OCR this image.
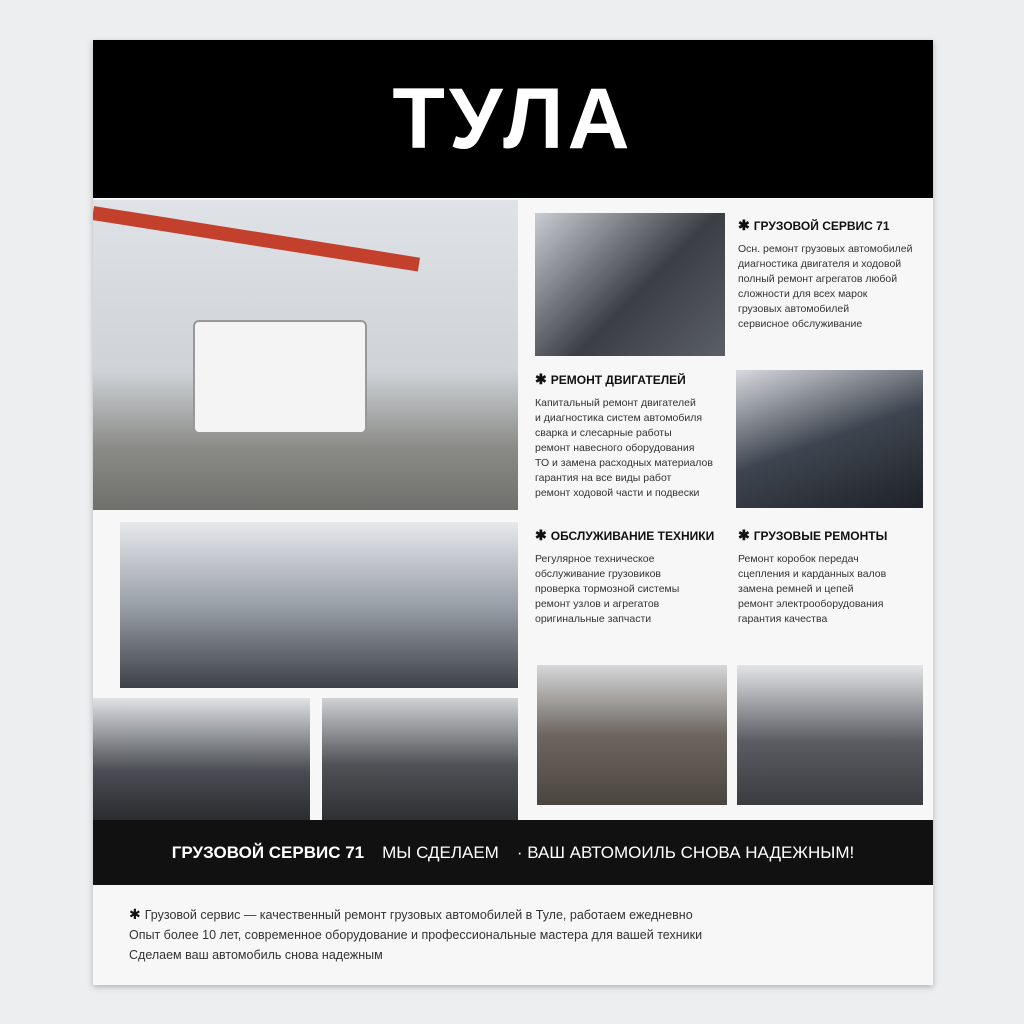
ТУЛА
✱ ГРУЗОВОЙ СЕРВИС 71

Осн. ремонт грузовых автомобилей

диагностика двигателя и ходовой

полный ремонт агрегатов любой

сложности для всех марок

грузовых автомобилей

сервисное обслуживание

✱ РЕМОНТ ДВИГАТЕЛЕЙ

Капитальный ремонт двигателей

и диагностика систем автомобиля

сварка и слесарные работы

ремонт навесного оборудования

ТО и замена расходных материалов

гарантия на все виды работ

ремонт ходовой части и подвески

✱ ОБСЛУЖИВАНИЕ ТЕХНИКИ

Регулярное техническое

обслуживание грузовиков

проверка тормозной системы

ремонт узлов и агрегатов

оригинальные запчасти

✱ ГРУЗОВЫЕ РЕМОНТЫ

Ремонт коробок передач

сцепления и карданных валов

замена ремней и цепей

ремонт электрооборудования

гарантия качества

ГРУЗОВОЙ СЕРВИС 71 МЫ СДЕЛАЕМ · ВАШ АВТОМОИЛЬ СНОВА НАДЕЖНЫМ!

✱ Грузовой сервис — качественный ремонт грузовых автомобилей в Туле, работаем ежедневно

Опыт более 10 лет, современное оборудование и профессиональные мастера для вашей техники

Сделаем ваш автомобиль снова надежным
